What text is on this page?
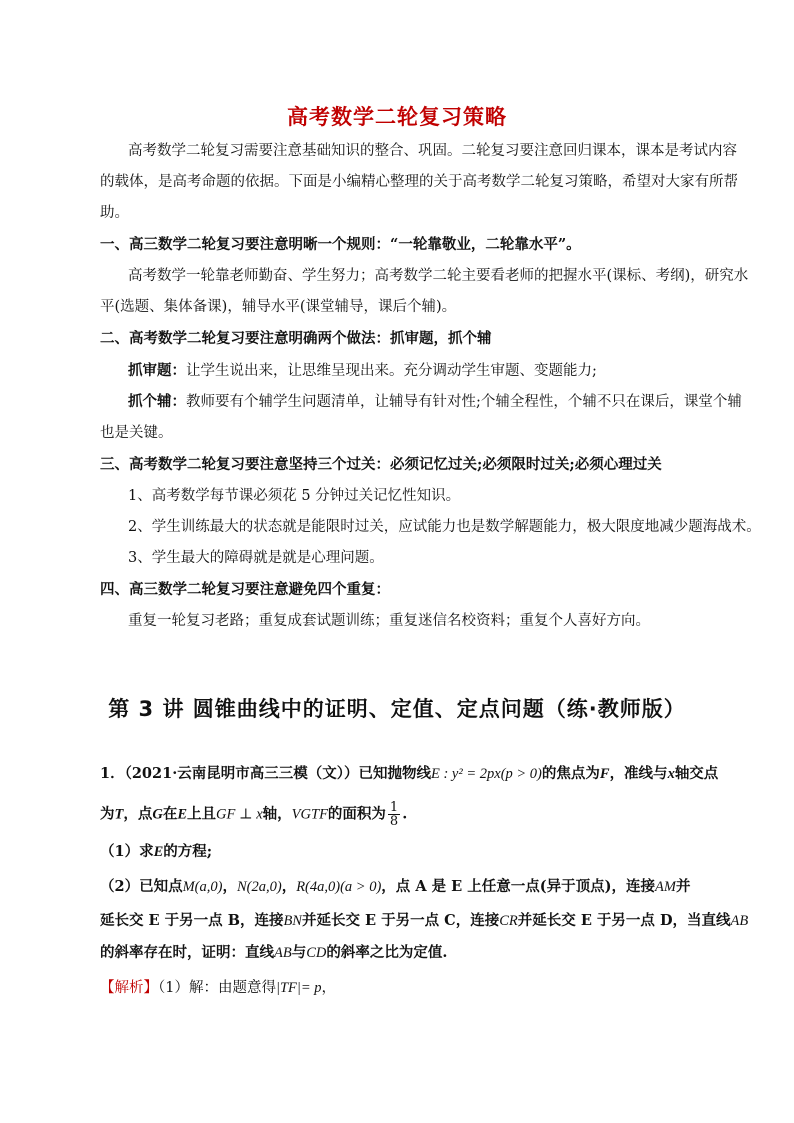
高考数学二轮复习策略
高考数学二轮复习需要注意基础知识的整合、巩固。二轮复习要注意回归课本，课本是考试内容
的载体，是高考命题的依据。下面是小编精心整理的关于高考数学二轮复习策略，希望对大家有所帮
助。
一、高三数学二轮复习要注意明晰一个规则：“一轮靠敬业，二轮靠水平”。
高考数学一轮靠老师勤奋、学生努力；高考数学二轮主要看老师的把握水平(课标、考纲)，研究水
平(选题、集体备课)，辅导水平(课堂辅导，课后个辅)。
二、高考数学二轮复习要注意明确两个做法：抓审题，抓个辅
抓审题：让学生说出来，让思维呈现出来。充分调动学生审题、变题能力;
抓个辅：教师要有个辅学生问题清单，让辅导有针对性;个辅全程性，个辅不只在课后，课堂个辅
也是关键。
三、高考数学二轮复习要注意坚持三个过关：必须记忆过关;必须限时过关;必须心理过关
1、高考数学每节课必须花 5 分钟过关记忆性知识。
2、学生训练最大的状态就是能限时过关，应试能力也是数学解题能力，极大限度地减少题海战术。
3、学生最大的障碍就是就是心理问题。
四、高三数学二轮复习要注意避免四个重复：
重复一轮复习老路；重复成套试题训练；重复迷信名校资料；重复个人喜好方向。
第 3 讲 圆锥曲线中的证明、定值、定点问题（练·教师版）
1．（2021·云南昆明市高三三模（文））已知抛物线E : y² = 2px(p > 0)的焦点为F，准线与x轴交点
为T，点G在E上且GF ⊥ x轴，VGTF的面积为 $\frac{1}{8}$ .
（1）求E的方程;
（2）已知点M(a,0)，N(2a,0)，R(4a,0)(a > 0)，点 A 是 E 上任意一点(异于顶点)，连接AM并
延长交 E 于另一点 B，连接BN并延长交 E 于另一点 C，连接CR并延长交 E 于另一点 D，当直线AB
的斜率存在时，证明：直线AB与CD的斜率之比为定值.
【解析】（1）解：由题意得|TF|= p，
